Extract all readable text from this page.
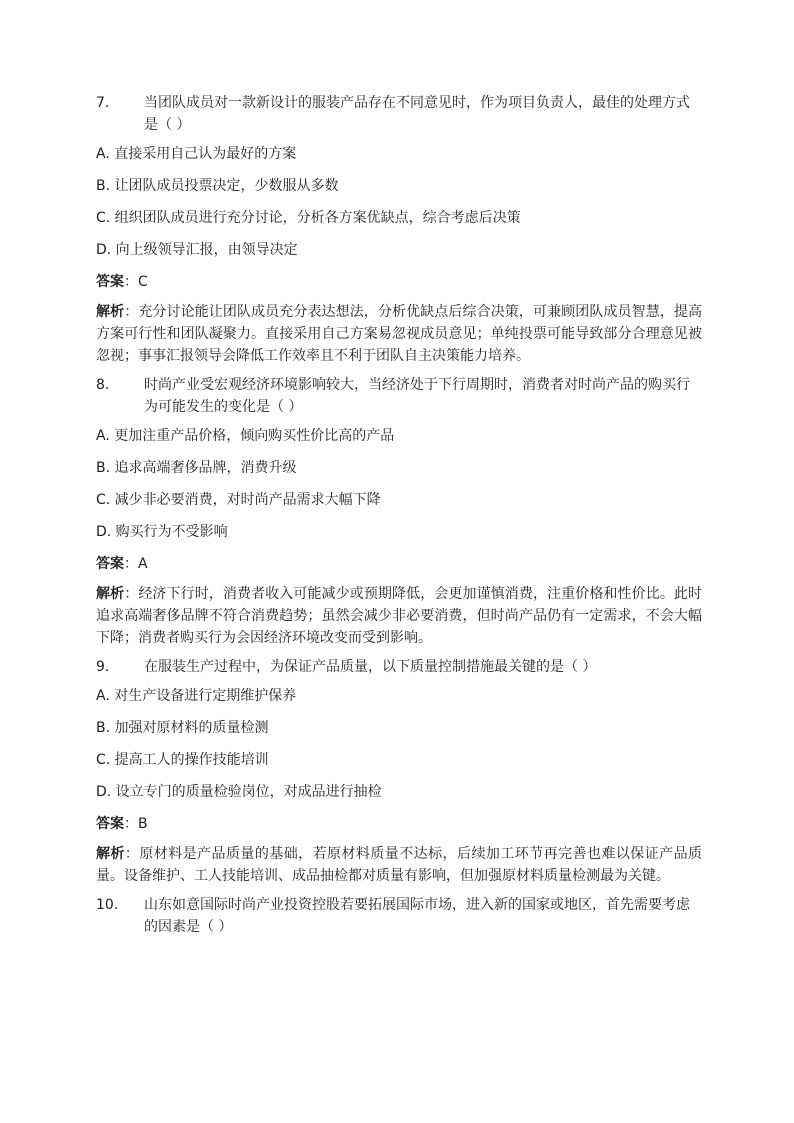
7.	当团队成员对一款新设计的服装产品存在不同意见时，作为项目负责人，最佳的处理方式是（ ）
A. 直接采用自己认为最好的方案
B. 让团队成员投票决定，少数服从多数
C. 组织团队成员进行充分讨论，分析各方案优缺点，综合考虑后决策
D. 向上级领导汇报，由领导决定
答案：C
解析：充分讨论能让团队成员充分表达想法，分析优缺点后综合决策，可兼顾团队成员智慧，提高方案可行性和团队凝聚力。直接采用自己方案易忽视成员意见；单纯投票可能导致部分合理意见被忽视；事事汇报领导会降低工作效率且不利于团队自主决策能力培养。
8.	时尚产业受宏观经济环境影响较大，当经济处于下行周期时，消费者对时尚产品的购买行为可能发生的变化是（ ）
A. 更加注重产品价格，倾向购买性价比高的产品
B. 追求高端奢侈品牌，消费升级
C. 减少非必要消费，对时尚产品需求大幅下降
D. 购买行为不受影响
答案：A
解析：经济下行时，消费者收入可能减少或预期降低，会更加谨慎消费，注重价格和性价比。此时追求高端奢侈品牌不符合消费趋势；虽然会减少非必要消费，但时尚产品仍有一定需求，不会大幅下降；消费者购买行为会因经济环境改变而受到影响。
9.	在服装生产过程中，为保证产品质量，以下质量控制措施最关键的是（ ）
A. 对生产设备进行定期维护保养
B. 加强对原材料的质量检测
C. 提高工人的操作技能培训
D. 设立专门的质量检验岗位，对成品进行抽检
答案：B
解析：原材料是产品质量的基础，若原材料质量不达标，后续加工环节再完善也难以保证产品质量。设备维护、工人技能培训、成品抽检都对质量有影响，但加强原材料质量检测最为关键。
10.	山东如意国际时尚产业投资控股若要拓展国际市场，进入新的国家或地区，首先需要考虑的因素是（ ）
